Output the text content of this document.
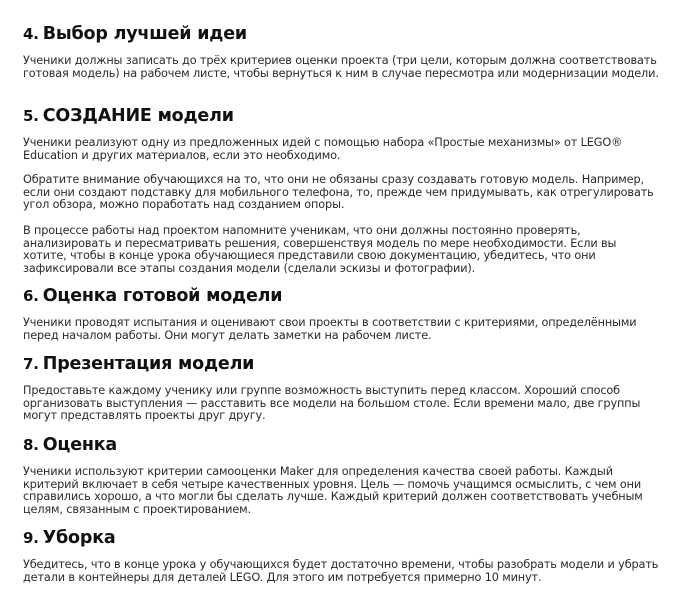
4. Выбор лучшей идеи

Ученики должны записать до трёх критериев оценки проекта (три цели, которым должна соответствовать готовая модель) на рабочем листе, чтобы вернуться к ним в случае пересмотра или модернизации модели.

5. СОЗДАНИЕ модели

Ученики реализуют одну из предложенных идей с помощью набора «Простые механизмы» от LEGO® Education и других материалов, если это необходимо.

Обратите внимание обучающихся на то, что они не обязаны сразу создавать готовую модель. Например, если они создают подставку для мобильного телефона, то, прежде чем придумывать, как отрегулировать угол обзора, можно поработать над созданием опоры.

В процессе работы над проектом напомните ученикам, что они должны постоянно проверять, анализировать и пересматривать решения, совершенствуя модель по мере необходимости. Если вы хотите, чтобы в конце урока обучающиеся представили свою документацию, убедитесь, что они зафиксировали все этапы создания модели (сделали эскизы и фотографии).

6. Оценка готовой модели

Ученики проводят испытания и оценивают свои проекты в соответствии с критериями, определёнными перед началом работы. Они могут делать заметки на рабочем листе.

7. Презентация модели

Предоставьте каждому ученику или группе возможность выступить перед классом. Хороший способ организовать выступления — расставить все модели на большом столе. Если времени мало, две группы могут представлять проекты друг другу.

8. Оценка

Ученики используют критерии самооценки Maker для определения качества своей работы. Каждый критерий включает в себя четыре качественных уровня. Цель — помочь учащимся осмыслить, с чем они справились хорошо, а что могли бы сделать лучше. Каждый критерий должен соответствовать учебным целям, связанным с проектированием.

9. Уборка

Убедитесь, что в конце урока у обучающихся будет достаточно времени, чтобы разобрать модели и убрать детали в контейнеры для деталей LEGO. Для этого им потребуется примерно 10 минут.
